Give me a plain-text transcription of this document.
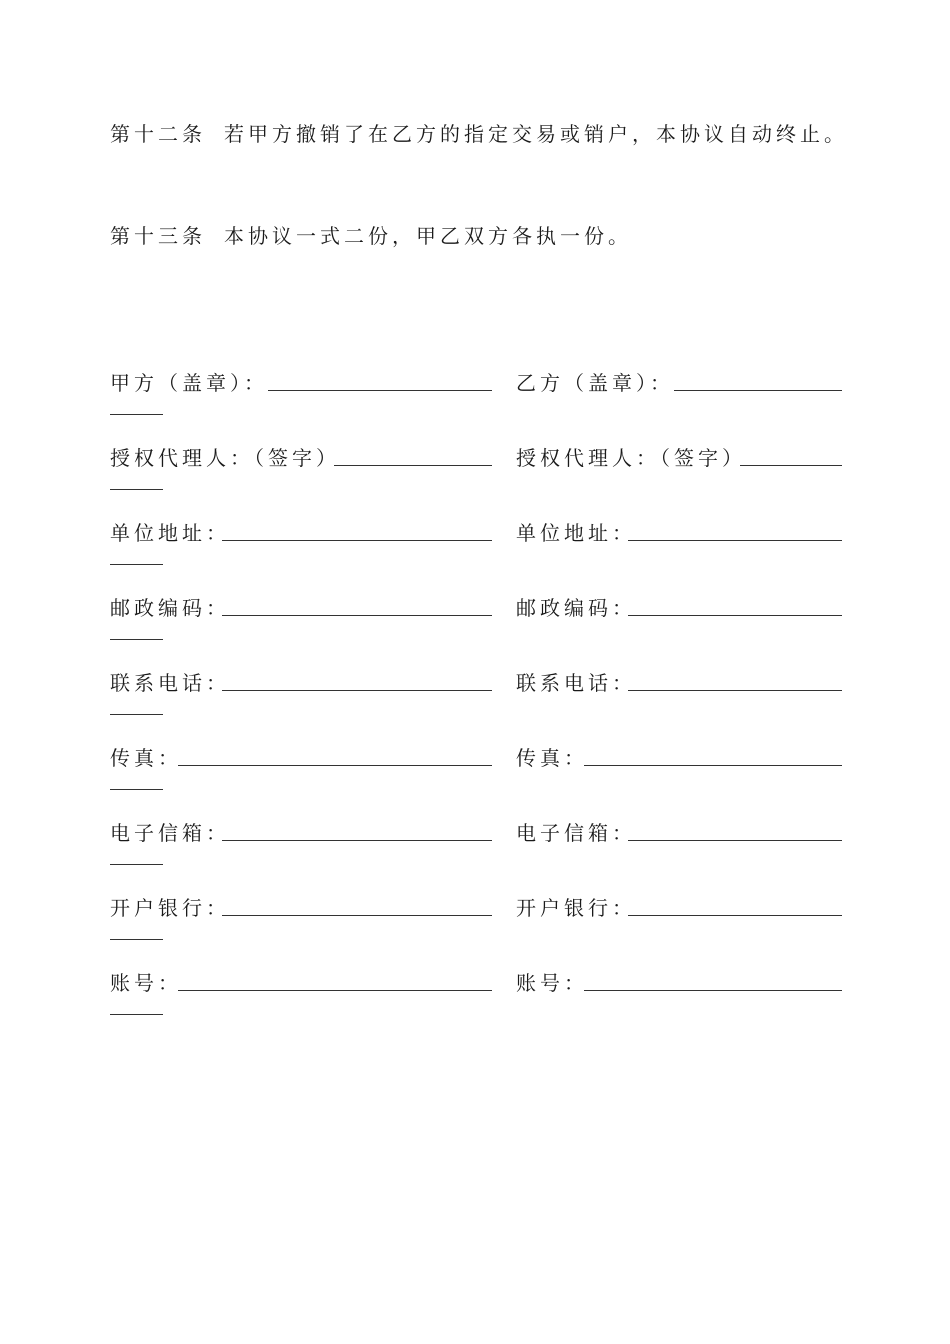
第十二条 若甲方撤销了在乙方的指定交易或销户，本协议自动终止。
第十三条 本协议一式二份，甲乙双方各执一份。
甲方（盖章）：	乙方（盖章）：
授权代理人：（签字）	授权代理人：（签字）
单位地址：	单位地址：
邮政编码：	邮政编码：
联系电话：	联系电话：
传真：	传真：
电子信箱：	电子信箱：
开户银行：	开户银行：
账号：	账号：
